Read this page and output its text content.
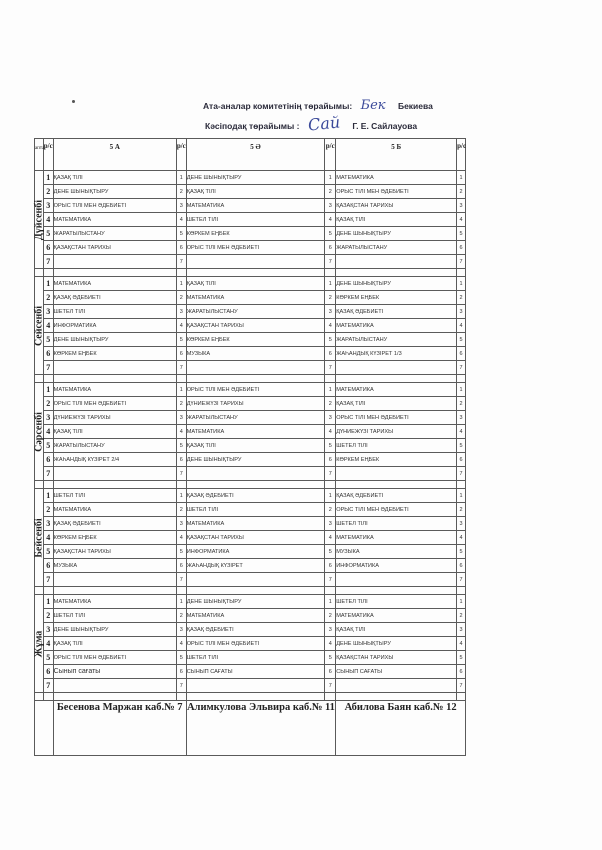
Ата-аналар комитетінің төрайымы: Бек Бекиева
Кәсіподақ төрайымы : Сай Г. Е. Сайлауова
апта	р/с	5 А	р/с	5 Ә	р/с	5 Б	р/с

Дүйсенбі	1	ҚАЗАҚ ТІЛІ	1	ДЕНЕ ШЫНЫҚТЫРУ	1	МАТЕМАТИКА	1
	2	ДЕНЕ ШЫНЫҚТЫРУ	2	ҚАЗАҚ ТІЛІ	2	ОРЫС ТІЛІ МЕН ӘДЕБИЕТІ	2
	3	ОРЫС ТІЛІ МЕН ӘДЕБИЕТІ	3	МАТЕМАТИКА	3	ҚАЗАҚСТАН ТАРИХЫ	3
	4	МАТЕМАТИКА	4	ШЕТЕЛ ТІЛІ	4	ҚАЗАҚ ТІЛІ	4
	5	ЖАРАТЫЛЫСТАНУ	5	КӨРКЕМ ЕҢБЕК	5	ДЕНЕ ШЫНЫҚТЫРУ	5
	6	ҚАЗАҚСТАН ТАРИХЫ	6	ОРЫС ТІЛІ МЕН ӘДЕБИЕТІ	6	ЖАРАТЫЛЫСТАНУ	6
	7		7		7		7

Сейсенбі	1	МАТЕМАТИКА	1	ҚАЗАҚ ТІЛІ	1	ДЕНЕ ШЫНЫҚТЫРУ	1
	2	ҚАЗАҚ ӘДЕБИЕТІ	2	МАТЕМАТИКА	2	КӨРКЕМ ЕҢБЕК	2
	3	ШЕТЕЛ ТІЛІ	3	ЖАРАТЫЛЫСТАНУ	3	ҚАЗАҚ ӘДЕБИЕТІ	3
	4	ИНФОРМАТИКА	4	ҚАЗАҚСТАН ТАРИХЫ	4	МАТЕМАТИКА	4
	5	ДЕНЕ ШЫНЫҚТЫРУ	5	КӨРКЕМ ЕҢБЕК	5	ЖАРАТЫЛЫСТАНУ	5
	6	КӨРКЕМ ЕҢБЕК	6	МУЗЫКА	6	ЖАҺАНДЫҚ КҮЗІРЕТ 1/3	6
	7		7		7		7

Сәрсенбі	1	МАТЕМАТИКА	1	ОРЫС ТІЛІ МЕН ӘДЕБИЕТІ	1	МАТЕМАТИКА	1
	2	ОРЫС ТІЛІ МЕН ӘДЕБИЕТІ	2	ДҮНИЕЖҮЗІ ТАРИХЫ	2	ҚАЗАҚ ТІЛІ	2
	3	ДҮНИЕЖҮЗІ ТАРИХЫ	3	ЖАРАТЫЛЫСТАНУ	3	ОРЫС ТІЛІ МЕН ӘДЕБИЕТІ	3
	4	ҚАЗАҚ ТІЛІ	4	МАТЕМАТИКА	4	ДҮНИЕЖҮЗІ ТАРИХЫ	4
	5	ЖАРАТЫЛЫСТАНУ	5	ҚАЗАҚ ТІЛІ	5	ШЕТЕЛ ТІЛІ	5
	6	ЖАҺАНДЫҚ КҮЗІРЕТ 2/4	6	ДЕНЕ ШЫНЫҚТЫРУ	6	КӨРКЕМ ЕҢБЕК	6
	7		7		7		7

Бейсенбі	1	ШЕТЕЛ ТІЛІ	1	ҚАЗАҚ ӘДЕБИЕТІ	1	ҚАЗАҚ ӘДЕБИЕТІ	1
	2	МАТЕМАТИКА	2	ШЕТЕЛ ТІЛІ	2	ОРЫС ТІЛІ МЕН ӘДЕБИЕТІ	2
	3	ҚАЗАҚ ӘДЕБИЕТІ	3	МАТЕМАТИКА	3	ШЕТЕЛ ТІЛІ	3
	4	КӨРКЕМ ЕҢБЕК	4	ҚАЗАҚСТАН ТАРИХЫ	4	МАТЕМАТИКА	4
	5	ҚАЗАҚСТАН ТАРИХЫ	5	ИНФОРМАТИКА	5	МУЗЫКА	5
	6	МУЗЫКА	6	ЖАҺАНДЫҚ КҮЗІРЕТ	6	ИНФОРМАТИКА	6
	7		7		7		7

Жұма	1	МАТЕМАТИКА	1	ДЕНЕ ШЫНЫҚТЫРУ	1	ШЕТЕЛ ТІЛІ	1
	2	ШЕТЕЛ ТІЛІ	2	МАТЕМАТИКА	2	МАТЕМАТИКА	2
	3	ДЕНЕ ШЫНЫҚТЫРУ	3	ҚАЗАҚ ӘДЕБИЕТІ	3	ҚАЗАҚ ТІЛІ	3
	4	ҚАЗАҚ ТІЛІ	4	ОРЫС ТІЛІ МЕН ӘДЕБИЕТІ	4	ДЕНЕ ШЫНЫҚТЫРУ	4
	5	ОРЫС ТІЛІ МЕН ӘДЕБИЕТІ	5	ШЕТЕЛ ТІЛІ	5	ҚАЗАҚСТАН ТАРИХЫ	5
	6	Сынып сағаты	6	СЫНЫП САҒАТЫ	6	СЫНЫП САҒАТЫ	6
	7		7		7		7

		Бесенова Маржан каб.№ 7		Алимкулова Эльвира каб.№ 11		Абилова Баян каб.№ 12	
